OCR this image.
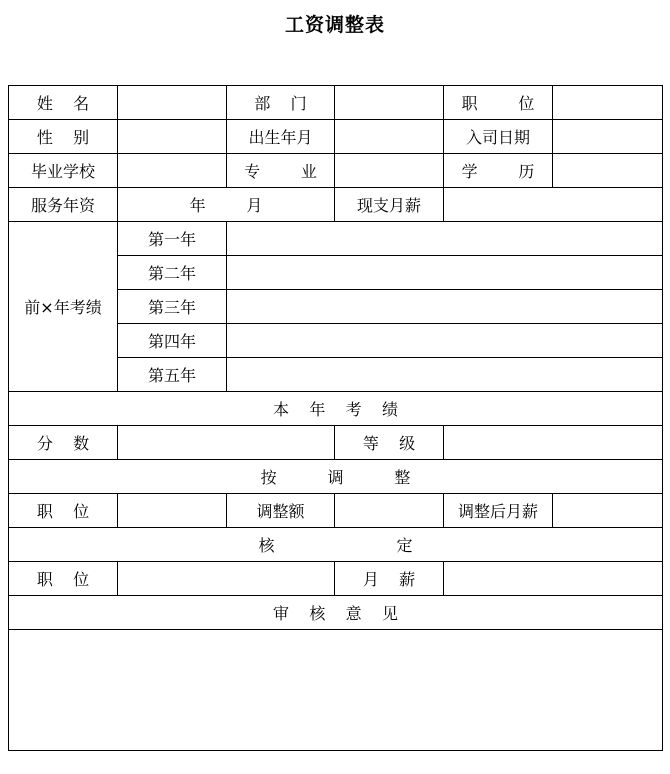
工资调整表
姓    名		部    门		职        位	
性    别		出生年月		入司日期	
毕业学校		专        业		学        历	
服务年资	年        月		现支月薪		
前×年考绩	第一年				
	第二年				
	第三年				
	第四年				
	第五年				
本    年    考    绩					
分    数			等    级		
按          调          整					
职    位		调整额		调整后月薪	
核                        定					
职    位			月    薪		
审    核    意    见					
